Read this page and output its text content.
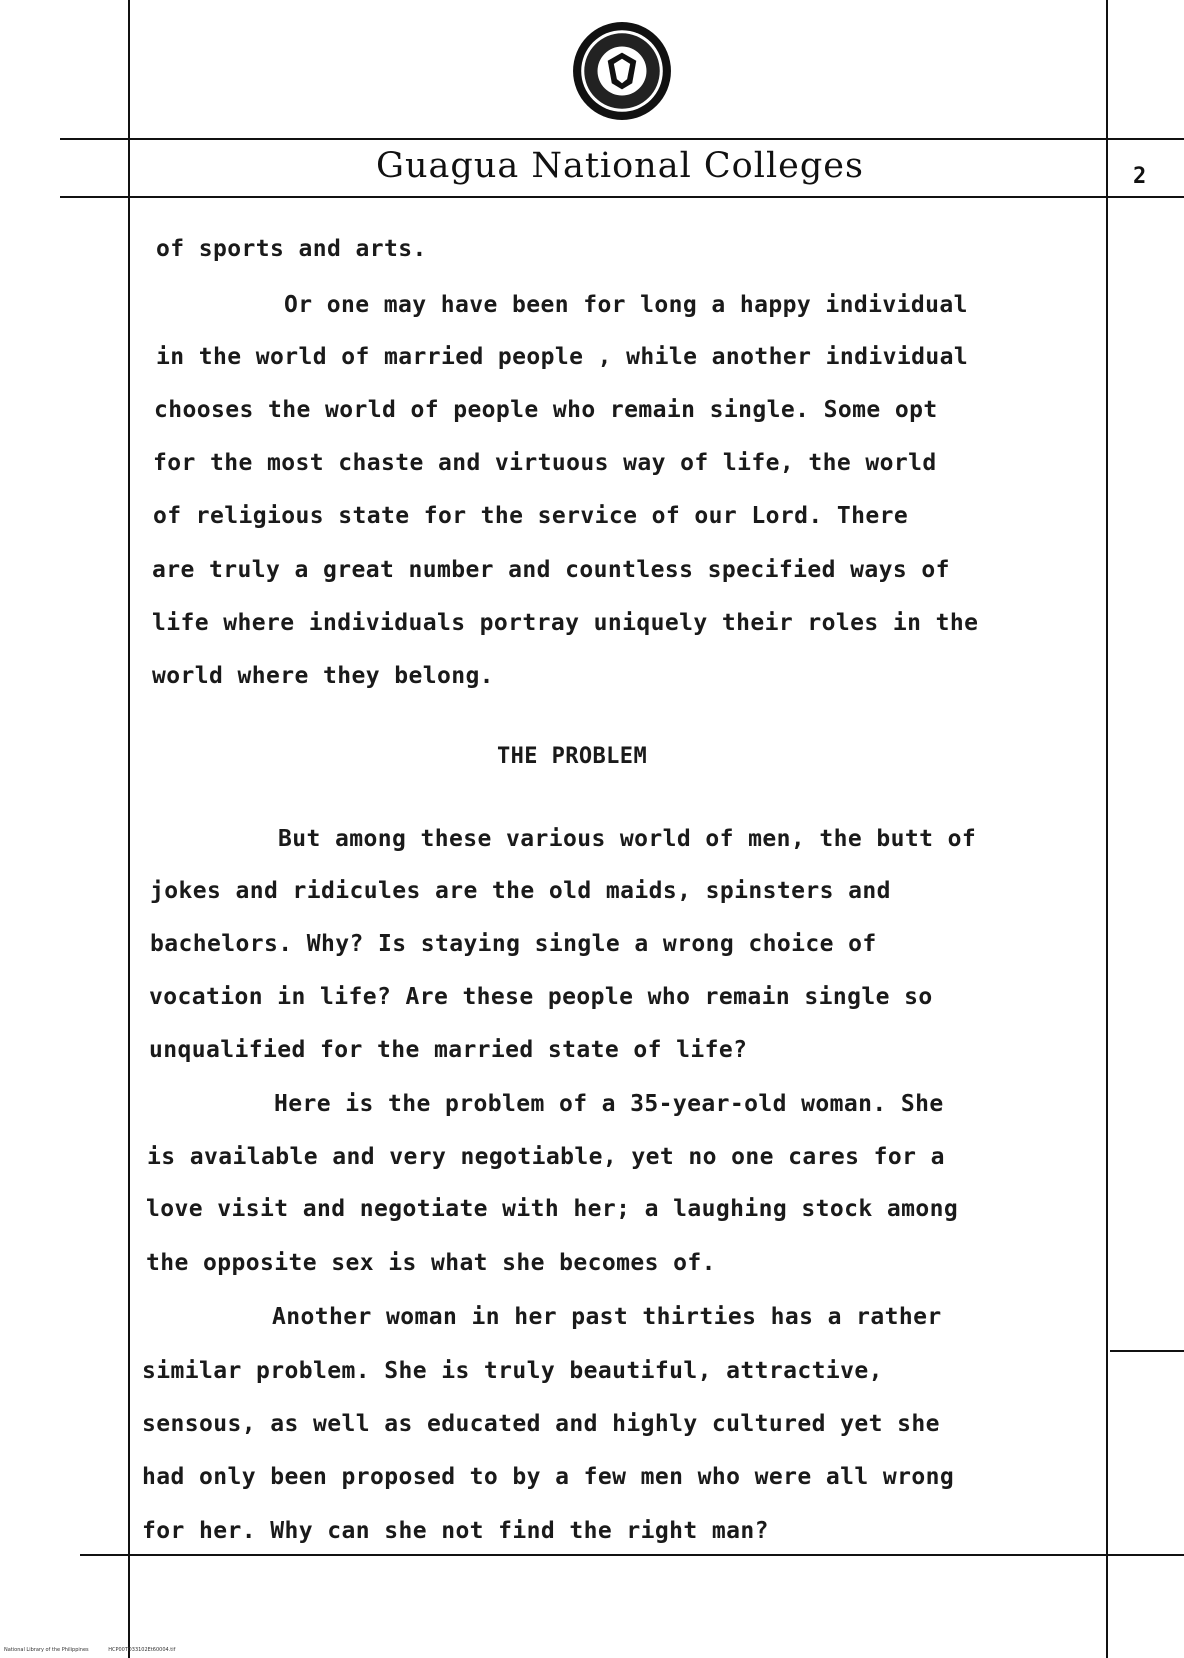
Guagua National Colleges	2
of sports and arts.
Or one may have been for long a happy individual
in the world of married people , while another individual
chooses the world of people who remain single. Some opt
for the most chaste and virtuous way of life, the world
of religious state for the service of our Lord. There
are truly a great number and countless specified ways of
life where individuals portray uniquely their roles in the
world where they belong.
THE PROBLEM
But among these various world of men, the butt of
jokes and ridicules are the old maids, spinsters and
bachelors. Why? Is staying single a wrong choice of
vocation in life? Are these people who remain single so
unqualified for the married state of life?
Here is the problem of a 35-year-old woman. She
is available and very negotiable, yet no one cares for a
love visit and negotiate with her; a laughing stock among
the opposite sex is what she becomes of.
Another woman in her past thirties has a rather
similar problem. She is truly beautiful, attractive,
sensous, as well as educated and highly cultured yet she
had only been proposed to by a few men who were all wrong
for her. Why can she not find the right man?
National Library of the Philippines	HCP00TD33102Et60004.tif
